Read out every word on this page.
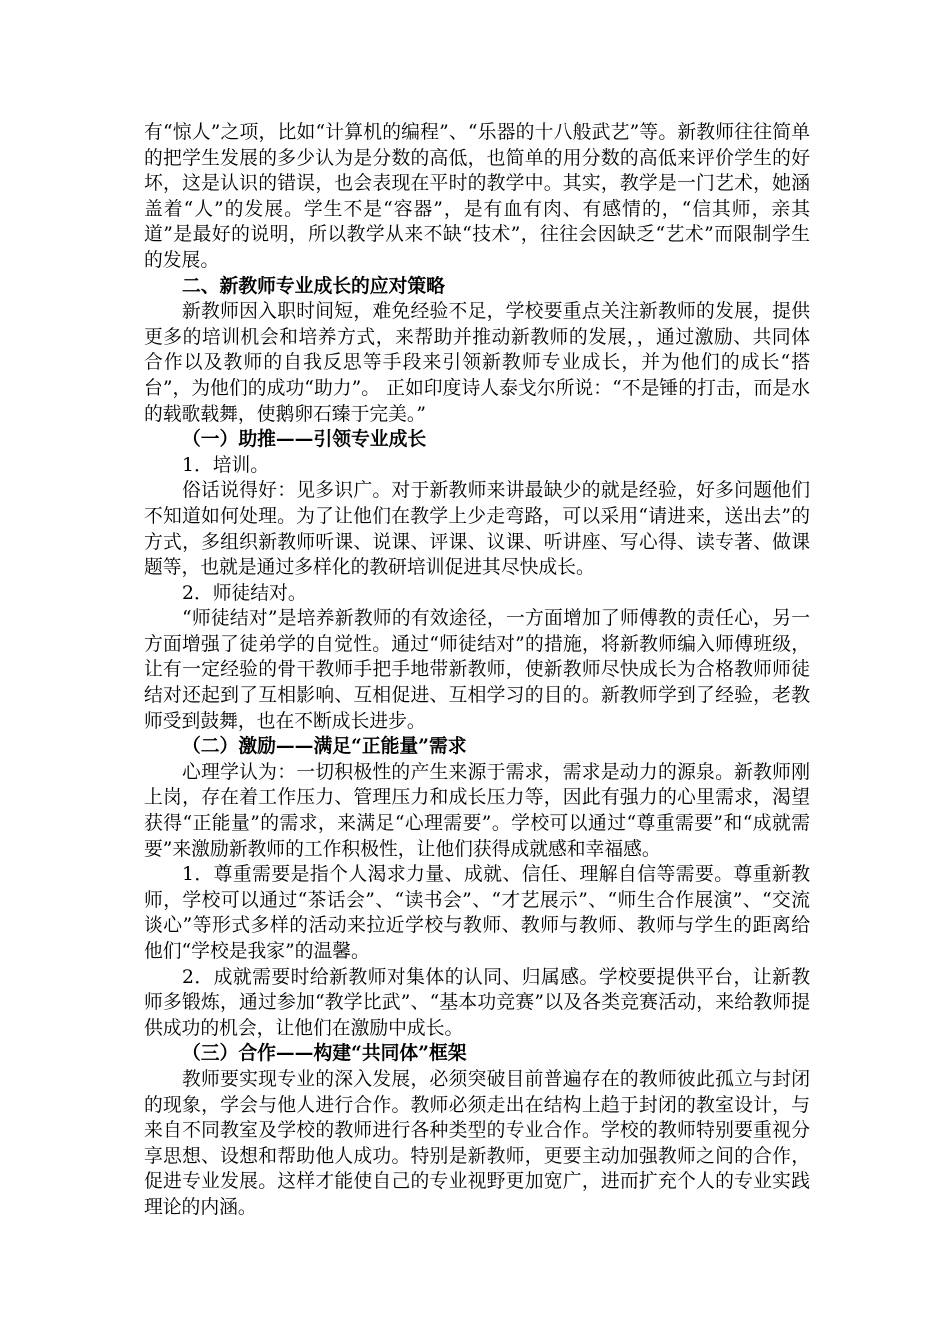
有“惊人”之项，比如“计算机的编程”、“乐器的十八般武艺”等。新教师往往简单的把学生发展的多少认为是分数的高低，也简单的用分数的高低来评价学生的好坏，这是认识的错误，也会表现在平时的教学中。其实，教学是一门艺术，她涵盖着“人”的发展。学生不是“容器”，是有血有肉、有感情的，“信其师，亲其道”是最好的说明，所以教学从来不缺“技术”，往往会因缺乏“艺术”而限制学生的发展。

二、新教师专业成长的应对策略

新教师因入职时间短，难免经验不足，学校要重点关注新教师的发展，提供更多的培训机会和培养方式，来帮助并推动新教师的发展，，通过激励、共同体合作以及教师的自我反思等手段来引领新教师专业成长，并为他们的成长“搭台”，为他们的成功“助力”。 正如印度诗人泰戈尔所说：“不是锤的打击，而是水的载歌载舞，使鹅卵石臻于完美。”

（一）助推——引领专业成长

1．培训。

俗话说得好：见多识广。对于新教师来讲最缺少的就是经验，好多问题他们不知道如何处理。为了让他们在教学上少走弯路，可以采用“请进来，送出去”的方式，多组织新教师听课、说课、评课、议课、听讲座、写心得、读专著、做课题等，也就是通过多样化的教研培训促进其尽快成长。

2．师徒结对。

“师徒结对”是培养新教师的有效途径，一方面增加了师傅教的责任心，另一方面增强了徒弟学的自觉性。通过“师徒结对”的措施，将新教师编入师傅班级，让有一定经验的骨干教师手把手地带新教师，使新教师尽快成长为合格教师师徒结对还起到了互相影响、互相促进、互相学习的目的。新教师学到了经验，老教师受到鼓舞，也在不断成长进步。

（二）激励——满足“正能量”需求

心理学认为：一切积极性的产生来源于需求，需求是动力的源泉。新教师刚上岗，存在着工作压力、管理压力和成长压力等，因此有强力的心里需求，渴望获得“正能量”的需求，来满足“心理需要”。学校可以通过“尊重需要”和“成就需要”来激励新教师的工作积极性，让他们获得成就感和幸福感。

1．尊重需要是指个人渴求力量、成就、信任、理解自信等需要。尊重新教师，学校可以通过“茶话会”、“读书会”、“才艺展示”、“师生合作展演”、“交流谈心”等形式多样的活动来拉近学校与教师、教师与教师、教师与学生的距离给他们“学校是我家”的温馨。

2．成就需要时给新教师对集体的认同、归属感。学校要提供平台，让新教师多锻炼，通过参加“教学比武”、“基本功竞赛”以及各类竞赛活动，来给教师提供成功的机会，让他们在激励中成长。

（三）合作——构建“共同体”框架

教师要实现专业的深入发展，必须突破目前普遍存在的教师彼此孤立与封闭的现象，学会与他人进行合作。教师必须走出在结构上趋于封闭的教室设计，与来自不同教室及学校的教师进行各种类型的专业合作。学校的教师特别要重视分享思想、设想和帮助他人成功。特别是新教师，更要主动加强教师之间的合作，促进专业发展。这样才能使自己的专业视野更加宽广，进而扩充个人的专业实践理论的内涵。
